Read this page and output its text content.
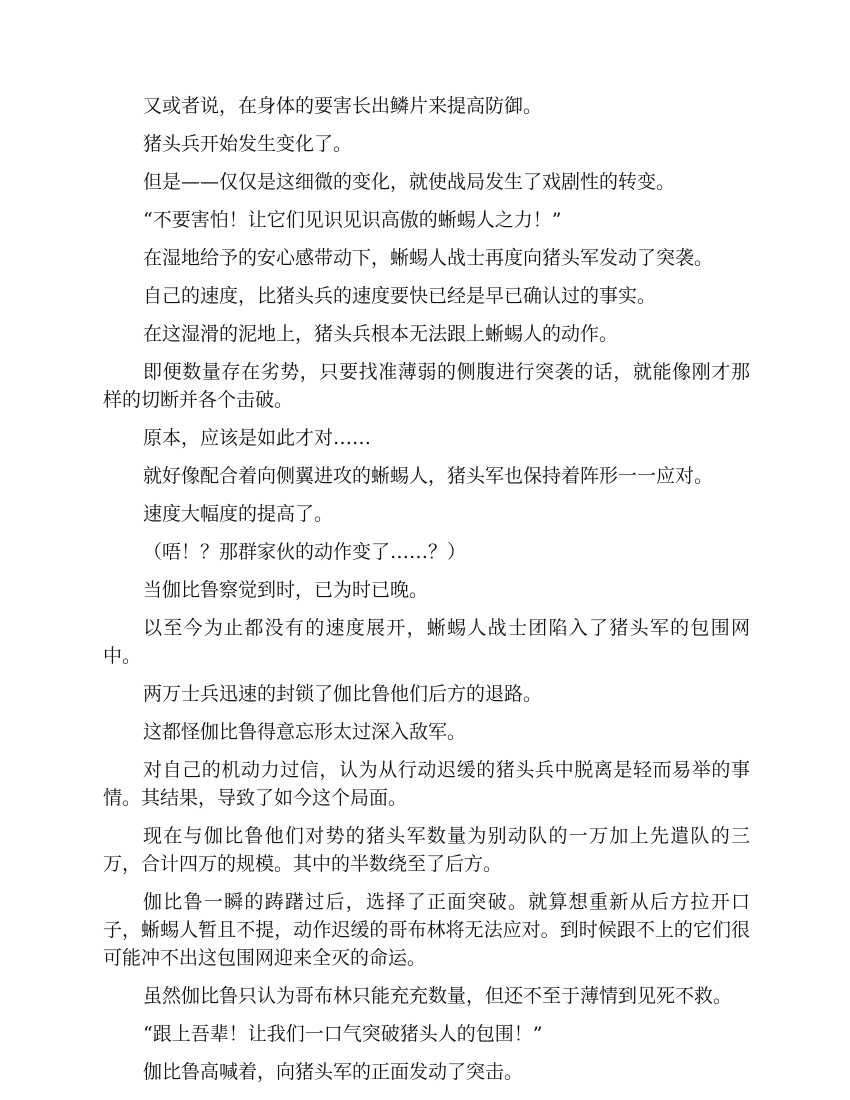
又或者说，在身体的要害长出鳞片来提高防御。

猪头兵开始发生变化了。

但是——仅仅是这细微的变化，就使战局发生了戏剧性的转变。

“不要害怕！让它们见识见识高傲的蜥蜴人之力！”

在湿地给予的安心感带动下，蜥蜴人战士再度向猪头军发动了突袭。

自己的速度，比猪头兵的速度要快已经是早已确认过的事实。

在这湿滑的泥地上，猪头兵根本无法跟上蜥蜴人的动作。

即便数量存在劣势，只要找准薄弱的侧腹进行突袭的话，就能像刚才那样的切断并各个击破。

原本，应该是如此才对……

就好像配合着向侧翼进攻的蜥蜴人，猪头军也保持着阵形一一应对。

速度大幅度的提高了。

（唔！？那群家伙的动作变了……？）

当伽比鲁察觉到时，已为时已晚。

以至今为止都没有的速度展开，蜥蜴人战士团陷入了猪头军的包围网中。

两万士兵迅速的封锁了伽比鲁他们后方的退路。

这都怪伽比鲁得意忘形太过深入敌军。

对自己的机动力过信，认为从行动迟缓的猪头兵中脱离是轻而易举的事情。其结果，导致了如今这个局面。

现在与伽比鲁他们对势的猪头军数量为别动队的一万加上先遣队的三万，合计四万的规模。其中的半数绕至了后方。

伽比鲁一瞬的踌躇过后，选择了正面突破。就算想重新从后方拉开口子，蜥蜴人暂且不提，动作迟缓的哥布林将无法应对。到时候跟不上的它们很可能冲不出这包围网迎来全灭的命运。

虽然伽比鲁只认为哥布林只能充充数量，但还不至于薄情到见死不救。

“跟上吾辈！让我们一口气突破猪头人的包围！”

伽比鲁高喊着，向猪头军的正面发动了突击。
